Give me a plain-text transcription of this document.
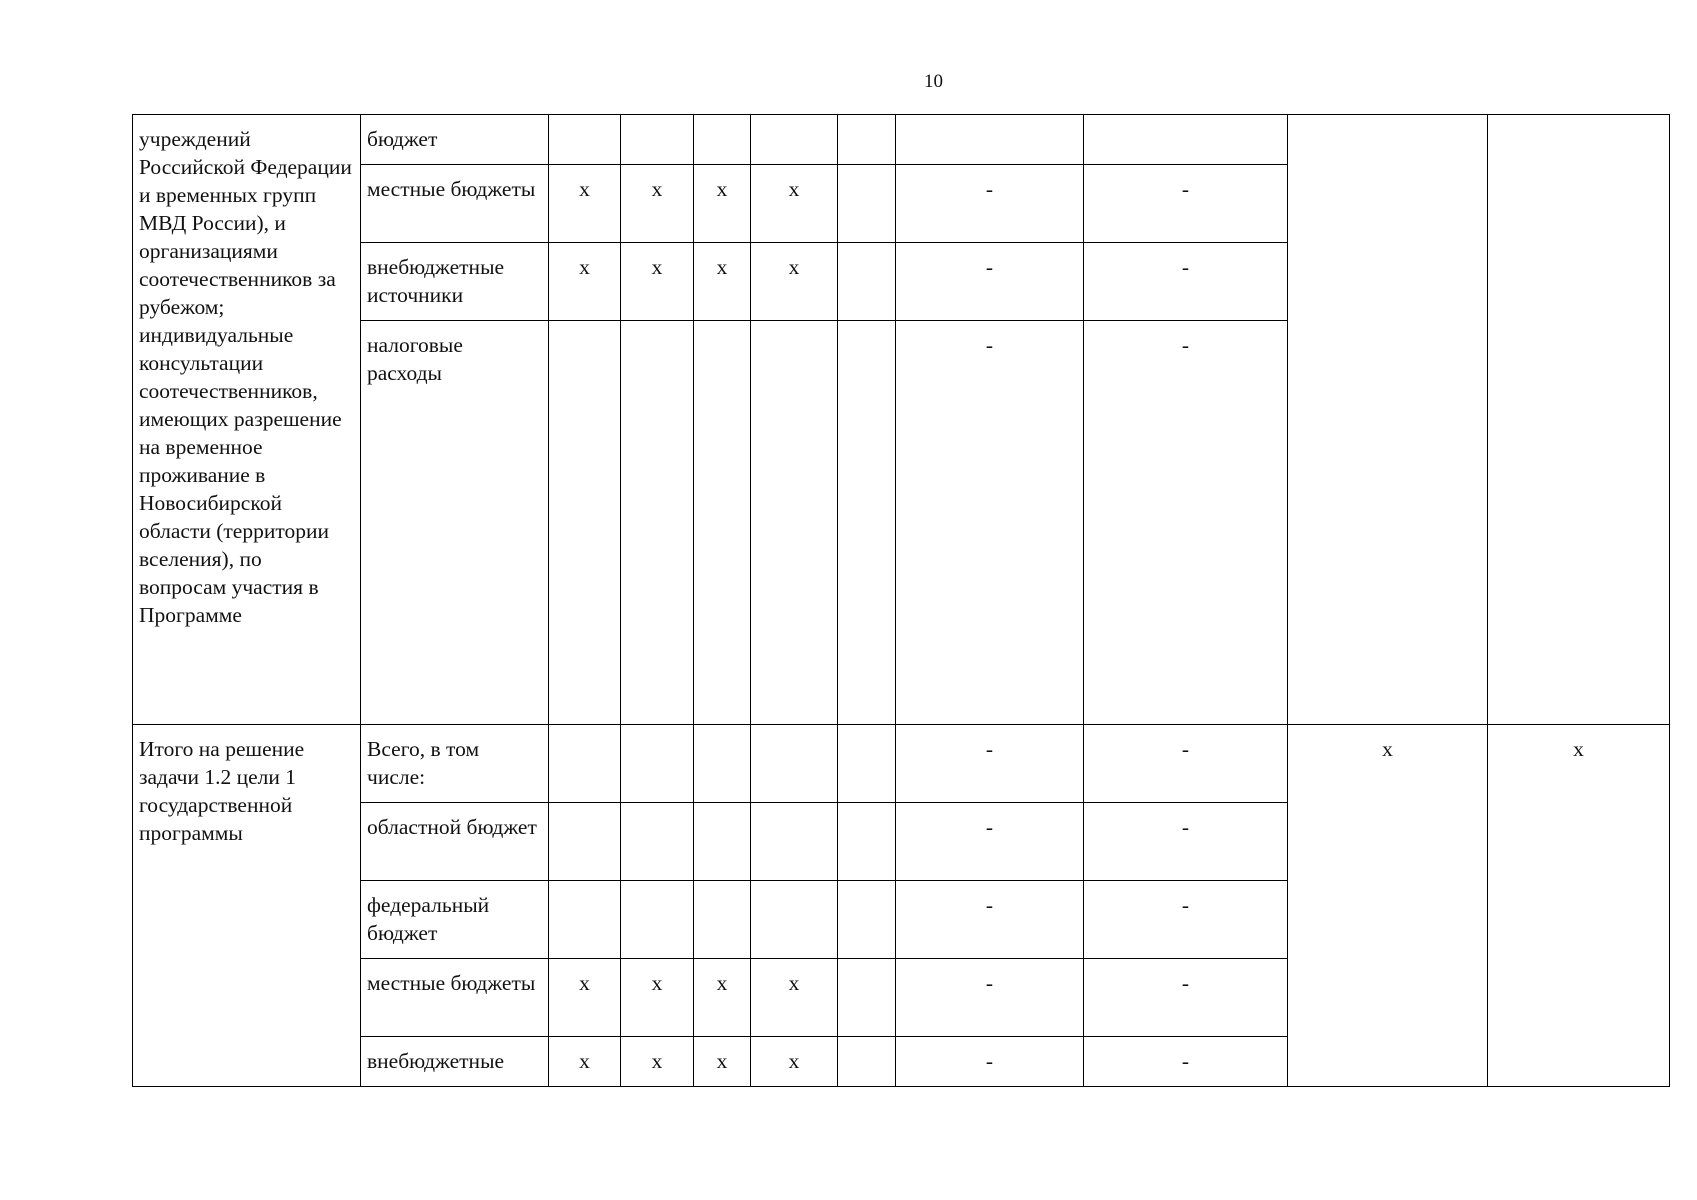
10
учреждений Российской Федерации и временных групп МВД России), и организациями соотечественников за рубежом; индивидуальные консультации соотечественников, имеющих разрешение на временное проживание в Новосибирской области (территории вселения), по вопросам участия в Программе	бюджет									
	местные бюджеты	x	x	x	x		-	-		
	внебюджетные источники	x	x	x	x		-	-		
	налоговые расходы						-	-		
Итого на решение задачи 1.2 цели 1 государственной программы	Всего, в том числе:						-	-	x	x
	областной бюджет						-	-		
	федеральный бюджет						-	-		
	местные бюджеты	x	x	x	x		-	-		
	внебюджетные	x	x	x	x		-	-		
